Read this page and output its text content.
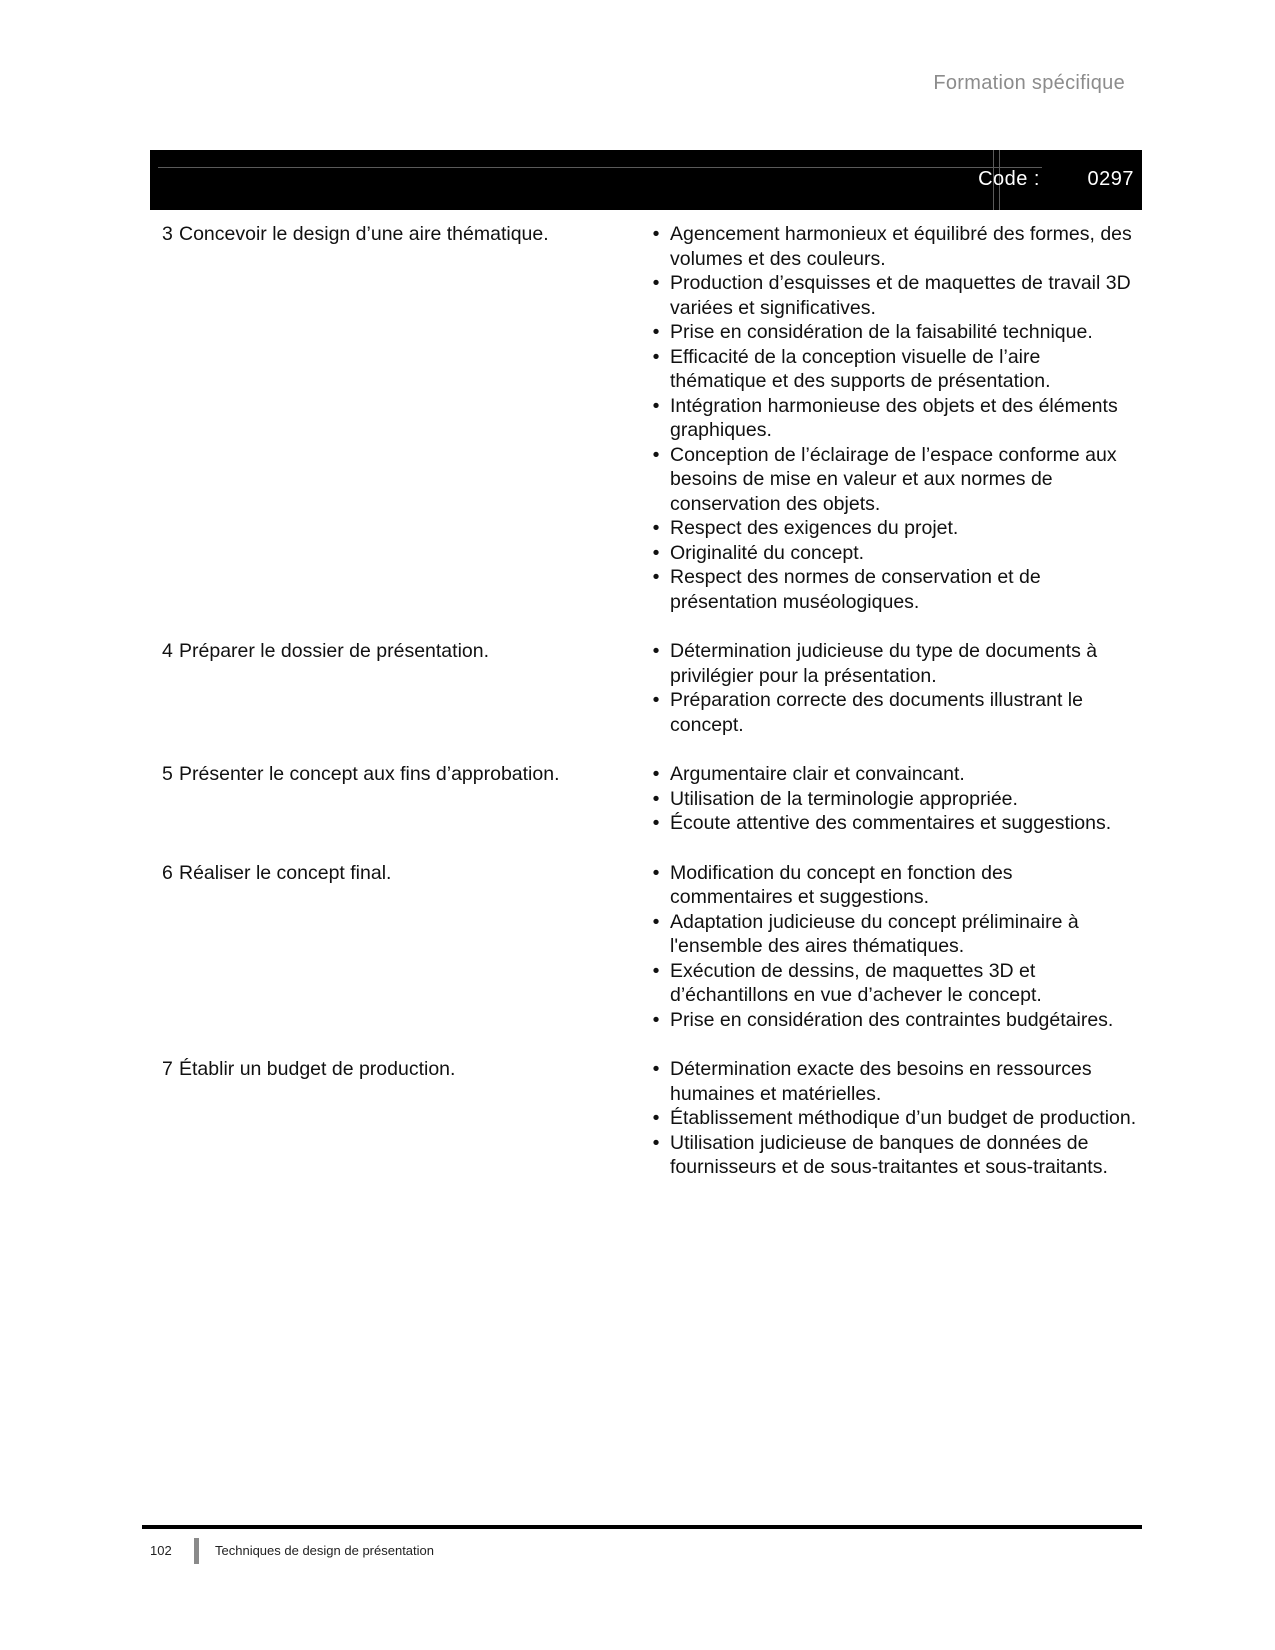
Formation spécifique
Code :	0297
3 Concevoir le design d’une aire thématique.	• Agencement harmonieux et équilibré des formes, des volumes et des couleurs.
• Production d’esquisses et de maquettes de travail 3D variées et significatives.
• Prise en considération de la faisabilité technique.
• Efficacité de la conception visuelle de l’aire thématique et des supports de présentation.
• Intégration harmonieuse des objets et des éléments graphiques.
• Conception de l’éclairage de l’espace conforme aux besoins de mise en valeur et aux normes de conservation des objets.
• Respect des exigences du projet.
• Originalité du concept.
• Respect des normes de conservation et de présentation muséologiques.
4 Préparer le dossier de présentation.	• Détermination judicieuse du type de documents à privilégier pour la présentation.
• Préparation correcte des documents illustrant le concept.
5 Présenter le concept aux fins d’approbation.	• Argumentaire clair et convaincant.
• Utilisation de la terminologie appropriée.
• Écoute attentive des commentaires et suggestions.
6 Réaliser le concept final.	• Modification du concept en fonction des commentaires et suggestions.
• Adaptation judicieuse du concept préliminaire à l'ensemble des aires thématiques.
• Exécution de dessins, de maquettes 3D et d’échantillons en vue d’achever le concept.
• Prise en considération des contraintes budgétaires.
7 Établir un budget de production.	• Détermination exacte des besoins en ressources humaines et matérielles.
• Établissement méthodique d’un budget de production.
• Utilisation judicieuse de banques de données de fournisseurs et de sous-traitantes et sous-traitants.
102	Techniques de design de présentation
